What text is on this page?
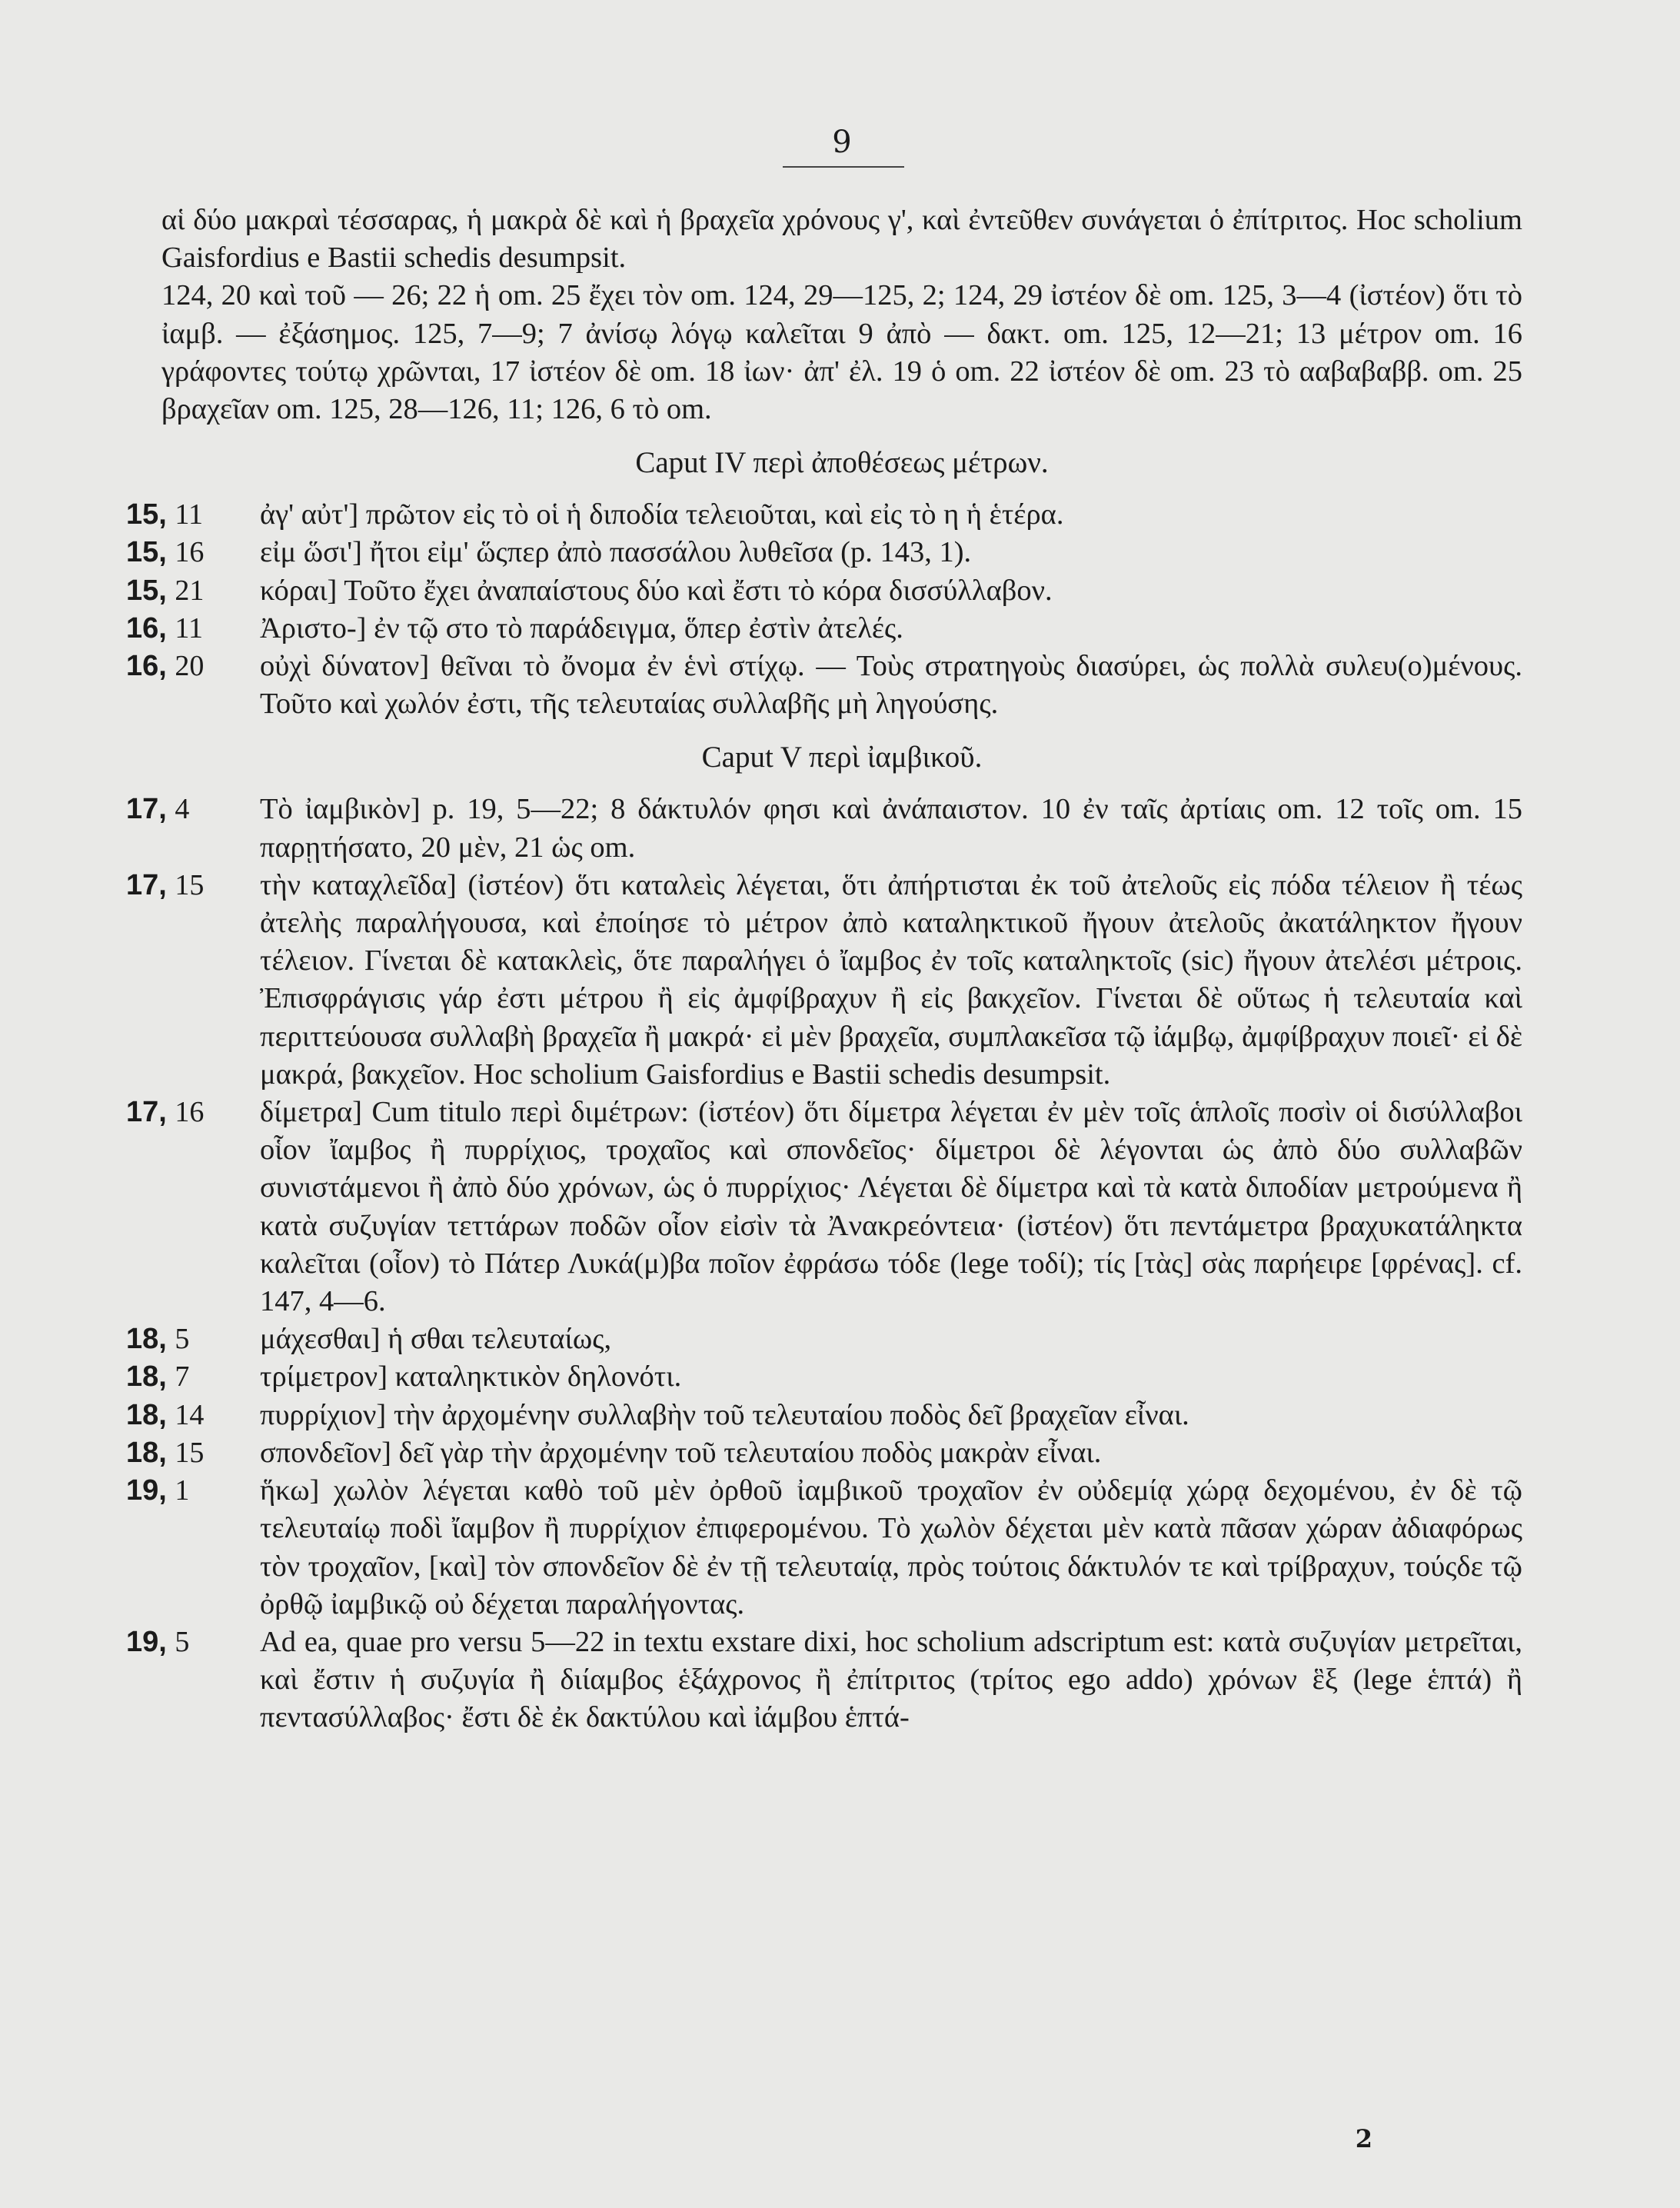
9

αἱ δύο μακραὶ τέσσαρας, ἡ μακρὰ δὲ καὶ ἡ βραχεῖα χρόνους γ', καὶ ἐντεῦθεν συνάγεται ὁ ἐπίτριτος. Hoc scholium Gaisfordius e Bastii schedis desumpsit.

124, 20 καὶ τοῦ — 26; 22 ἡ om. 25 ἔχει τὸν om. 124, 29—125, 2; 124, 29 ἰστέον δὲ om. 125, 3—4 (ἰστέον) ὅτι τὸ ἰαμβ. — ἐξάσημος. 125, 7—9; 7 ἀνίσῳ λόγῳ καλεῖται 9 ἀπὸ — δακτ. om. 125, 12—21; 13 μέτρον om. 16 γράφοντες τούτῳ χρῶνται, 17 ἰστέον δὲ om. 18 ἰων· ἀπ' ἐλ. 19 ὁ om. 22 ἰστέον δὲ om. 23 τὸ ααβαβαββ. om. 25 βραχεῖαν om. 125, 28—126, 11; 126, 6 τὸ om.

Caput IV περὶ ἀποθέσεως μέτρων.

15, 11 ἀγ' αὐτ'] πρῶτον εἰς τὸ οἱ ἡ διποδία τελειοῦται, καὶ εἰς τὸ η ἡ ἑτέρα.

15, 16 εἰμ ὥσι'] ἤτοι εἰμ' ὥςπερ ἀπὸ πασσάλου λυθεῖσα (p. 143, 1).

15, 21 κόραι] Τοῦτο ἔχει ἀναπαίστους δύο καὶ ἔστι τὸ κόρα δισσύλλαβον.

16, 11 Ἀριστο-] ἐν τῷ στο τὸ παράδειγμα, ὅπερ ἐστὶν ἀτελές.

16, 20 οὐχὶ δύνατον] θεῖναι τὸ ὄνομα ἐν ἑνὶ στίχῳ. — Τοὺς στρατηγοὺς διασύρει, ὡς πολλὰ συλευ(ο)μένους. Τοῦτο καὶ χωλόν ἐστι, τῆς τελευταίας συλλαβῆς μὴ ληγούσης.

Caput V περὶ ἰαμβικοῦ.

17, 4 Τὸ ἰαμβικὸν] p. 19, 5—22; 8 δάκτυλόν φησι καὶ ἀνάπαιστον. 10 ἐν ταῖς ἀρτίαις om. 12 τοῖς om. 15 παρῃτήσατο, 20 μὲν, 21 ὡς om.

17, 15 τὴν καταχλεῖδα] (ἰστέον) ὅτι καταλεὶς λέγεται, ὅτι ἀπήρτισται ἐκ τοῦ ἀτελοῦς εἰς πόδα τέλειον ἢ τέως ἀτελὴς παραλήγουσα, καὶ ἐποίησε τὸ μέτρον ἀπὸ καταληκτικοῦ ἤγουν ἀτελοῦς ἀκατάληκτον ἤγουν τέλειον. Γίνεται δὲ κατακλεὶς, ὅτε παραλήγει ὁ ἴαμβος ἐν τοῖς καταληκτοῖς (sic) ἤγουν ἀτελέσι μέτροις. Ἐπισφράγισις γάρ ἐστι μέτρου ἢ εἰς ἀμφίβραχυν ἢ εἰς βακχεῖον. Γίνεται δὲ οὕτως ἡ τελευταία καὶ περιττεύουσα συλλαβὴ βραχεῖα ἢ μακρά· εἰ μὲν βραχεῖα, συμπλακεῖσα τῷ ἰάμβῳ, ἀμφίβραχυν ποιεῖ· εἰ δὲ μακρά, βακχεῖον. Hoc scholium Gaisfordius e Bastii schedis desumpsit.

17, 16 δίμετρα] Cum titulo περὶ διμέτρων: (ἰστέον) ὅτι δίμετρα λέγεται ἐν μὲν τοῖς ἁπλοῖς ποσὶν οἱ δισύλλαβοι οἷον ἴαμβος ἢ πυρρίχιος, τροχαῖος καὶ σπονδεῖος· δίμετροι δὲ λέγονται ὡς ἀπὸ δύο συλλαβῶν συνιστάμενοι ἢ ἀπὸ δύο χρόνων, ὡς ὁ πυρρίχιος· Λέγεται δὲ δίμετρα καὶ τὰ κατὰ διποδίαν μετρούμενα ἢ κατὰ συζυγίαν τεττάρων ποδῶν οἷον εἰσὶν τὰ Ἀνακρεόντεια· (ἰστέον) ὅτι πεντάμετρα βραχυκατάληκτα καλεῖται (οἷον) τὸ Πάτερ Λυκά(μ)βα ποῖον ἐφράσω τόδε (lege τοδί); τίς [τὰς] σὰς παρήειρε [φρένας]. cf. 147, 4—6.

18, 5 μάχεσθαι] ἡ σθαι τελευταίως,

18, 7 τρίμετρον] καταληκτικὸν δηλονότι.

18, 14 πυρρίχιον] τὴν ἀρχομένην συλλαβὴν τοῦ τελευταίου ποδὸς δεῖ βραχεῖαν εἶναι.

18, 15 σπονδεῖον] δεῖ γὰρ τὴν ἀρχομένην τοῦ τελευταίου ποδὸς μακρὰν εἶναι.

19, 1 ἥκω] χωλὸν λέγεται καθὸ τοῦ μὲν ὀρθοῦ ἰαμβικοῦ τροχαῖον ἐν οὐδεμίᾳ χώρᾳ δεχομένου, ἐν δὲ τῷ τελευταίῳ ποδὶ ἴαμβον ἢ πυρρίχιον ἐπιφερομένου. Τὸ χωλὸν δέχεται μὲν κατὰ πᾶσαν χώραν ἀδιαφόρως τὸν τροχαῖον, [καὶ] τὸν σπονδεῖον δὲ ἐν τῇ τελευταίᾳ, πρὸς τούτοις δάκτυλόν τε καὶ τρίβραχυν, τούςδε τῷ ὀρθῷ ἰαμβικῷ οὐ δέχεται παραλήγοντας.

19, 5 Ad ea, quae pro versu 5—22 in textu exstare dixi, hoc scholium adscriptum est: κατὰ συζυγίαν μετρεῖται, καὶ ἔστιν ἡ συζυγία ἢ διίαμβος ἑξάχρονος ἢ ἐπίτριτος (τρίτος ego addo) χρόνων ἓξ (lege ἑπτά) ἢ πεντασύλλαβος· ἔστι δὲ ἐκ δακτύλου καὶ ἰάμβου ἑπτά-

2
